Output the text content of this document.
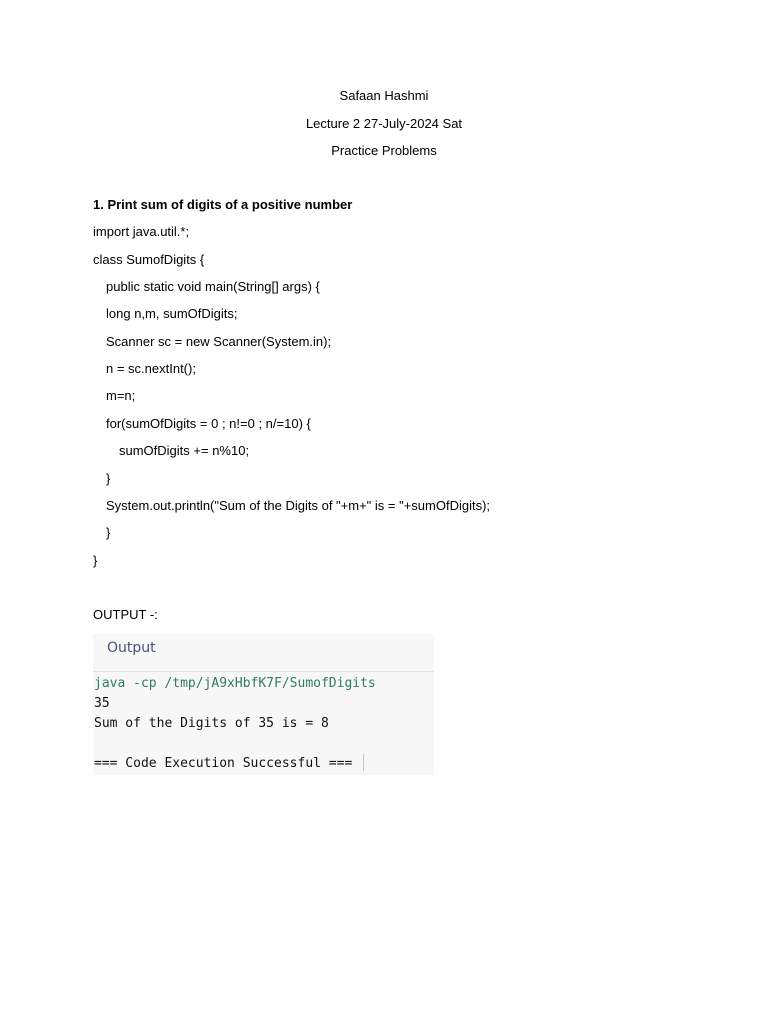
Safaan Hashmi
Lecture 2 27-July-2024 Sat
Practice Problems
1. Print sum of digits of a positive number
import java.util.*;
class SumofDigits {
public static void main(String[] args) {
long n,m, sumOfDigits;
Scanner sc = new Scanner(System.in);
n = sc.nextInt();
m=n;
for(sumOfDigits = 0 ; n!=0 ; n/=10) {
sumOfDigits += n%10;
}
System.out.println("Sum of the Digits of "+m+" is = "+sumOfDigits);
}
}
OUTPUT -:
Output
java -cp /tmp/jA9xHbfK7F/SumofDigits
35
Sum of the Digits of 35 is = 8
=== Code Execution Successful ===
